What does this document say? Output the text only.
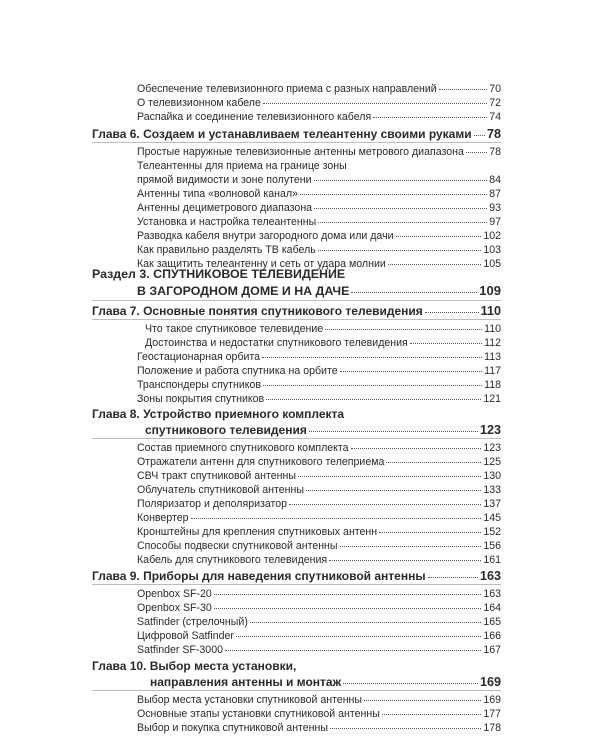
Обеспечение телевизионного приема с разных направлений	70
О телевизионном кабеле	72
Распайка и соединение телевизионного кабеля	74
Глава 6. Создаем и устанавливаем телеантенну своими руками 78
Простые наружные телевизионные антенны метрового диапазона 78
Телеантенны для приема на границе зоны
прямой видимости и зоне полутени	84
Антенны типа «волновой канал»	87
Антенны дециметрового диапазона	93
Установка и настройка телеантенны	97
Разводка кабеля внутри загородного дома или дачи	102
Как правильно разделять ТВ кабель	103
Как защитить телеантенну и сеть от удара молнии	105
Раздел 3. СПУТНИКОВОЕ ТЕЛЕВИДЕНИЕ
В ЗАГОРОДНОМ ДОМЕ И НА ДАЧЕ	109
Глава 7. Основные понятия спутникового телевидения	110
Что такое спутниковое телевидение	110
Достоинства и недостатки спутникового телевидения	112
Геостационарная орбита	113
Положение и работа спутника на орбите	117
Транспондеры спутников	118
Зоны покрытия спутников	121
Глава 8. Устройство приемного комплекта
спутникового телевидения	123
Состав приемного спутникового комплекта	123
Отражатели антенн для спутникового телеприема	125
СВЧ тракт спутниковой антенны	130
Облучатель спутниковой антенны	133
Поляризатор и деполяризатор	137
Конвертер	145
Кронштейны для крепления спутниковых антенн	152
Способы подвески спутниковой антенны	156
Кабель для спутникового телевидения	161
Глава 9. Приборы для наведения спутниковой антенны	163
Openbox SF-20	163
Openbox SF-30	164
Satfinder (стрелочный)	165
Цифровой Satfinder	166
Satfinder SF-3000	167
Глава 10. Выбор места установки,
направления антенны и монтаж	169
Выбор места установки спутниковой антенны	169
Основные этапы установки спутниковой антенны	177
Выбор и покупка спутниковой антенны	178
